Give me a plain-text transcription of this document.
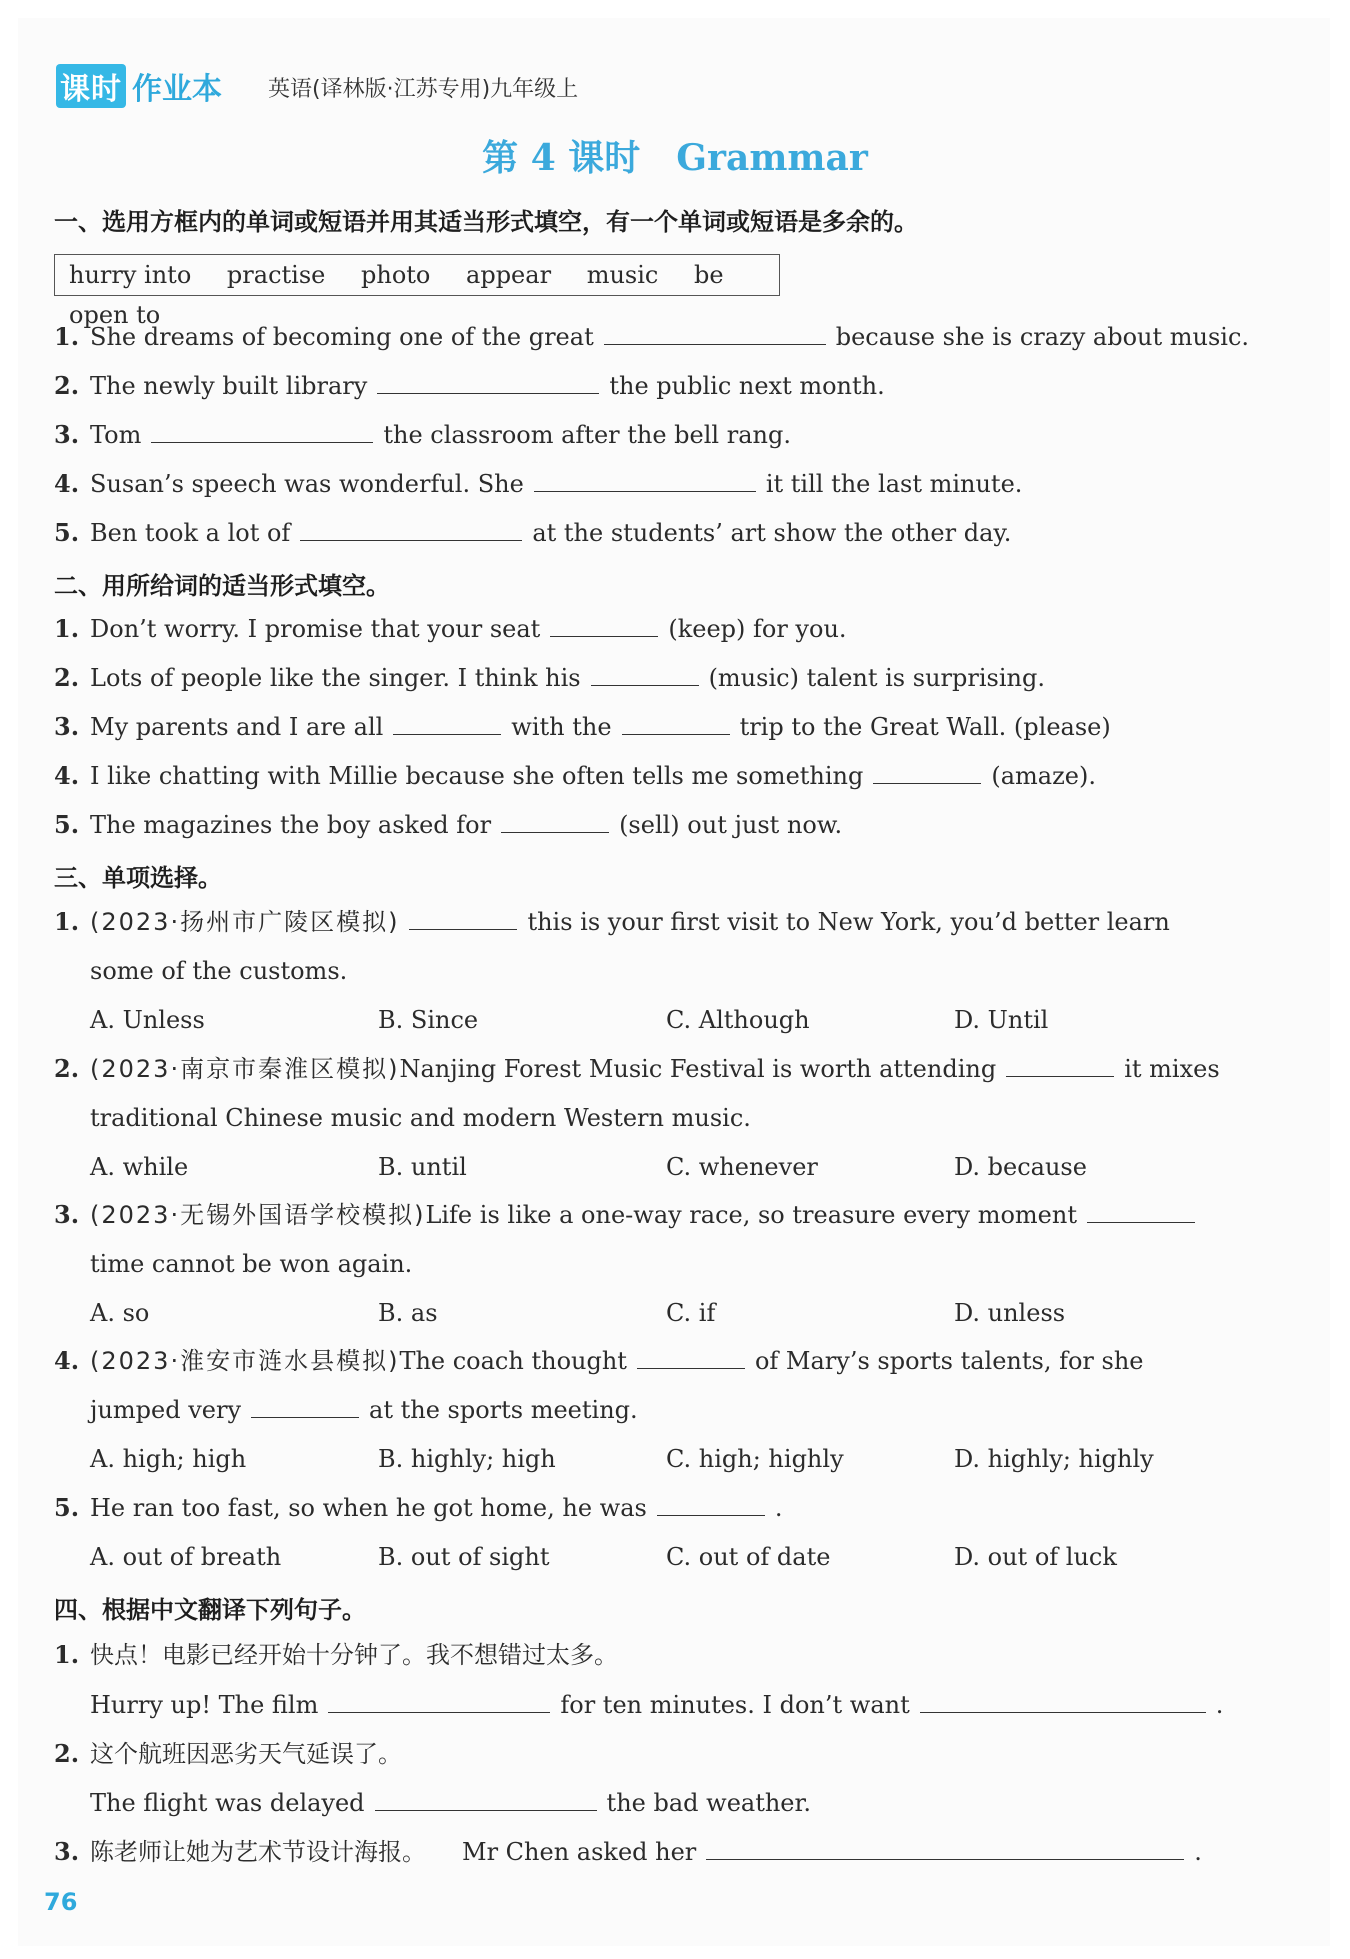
课时 作业本 英语(译林版·江苏专用)九年级上
第 4 课时　Grammar
一、选用方框内的单词或短语并用其适当形式填空，有一个单词或短语是多余的。
hurry into practise photo appear music be open to
1. She dreams of becoming one of the great	because she is crazy about music.
2. The newly built library	the public next month.
3. Tom	the classroom after the bell rang.
4. Susan’s speech was wonderful. She	it till the last minute.
5. Ben took a lot of	at the students’ art show the other day.
二、用所给词的适当形式填空。
1. Don’t worry. I promise that your seat	(keep) for you.
2. Lots of people like the singer. I think his	(music) talent is surprising.
3. My parents and I are all	with the	trip to the Great Wall. (please)
4. I like chatting with Millie because she often tells me something	(amaze).
5. The magazines the boy asked for	(sell) out just now.
三、单项选择。
1. (2023·扬州市广陵区模拟)	this is your first visit to New York, you’d better learn
some of the customs.
A. Unless	B. Since	C. Although	D. Until
2. (2023·南京市秦淮区模拟)Nanjing Forest Music Festival is worth attending	it mixes
traditional Chinese music and modern Western music.
A. while	B. until	C. whenever	D. because
3. (2023·无锡外国语学校模拟)Life is like a one-way race, so treasure every moment
time cannot be won again.
A. so	B. as	C. if	D. unless
4. (2023·淮安市涟水县模拟)The coach thought	of Mary’s sports talents, for she
jumped very	at the sports meeting.
A. high; high	B. highly; high	C. high; highly	D. highly; highly
5. He ran too fast, so when he got home, he was	.
A. out of breath	B. out of sight	C. out of date	D. out of luck
四、根据中文翻译下列句子。
1. 快点！电影已经开始十分钟了。我不想错过太多。
Hurry up! The film	for ten minutes. I don’t want	.
2. 这个航班因恶劣天气延误了。
The flight was delayed	the bad weather.
3. 陈老师让她为艺术节设计海报。 Mr Chen asked her	.
76
